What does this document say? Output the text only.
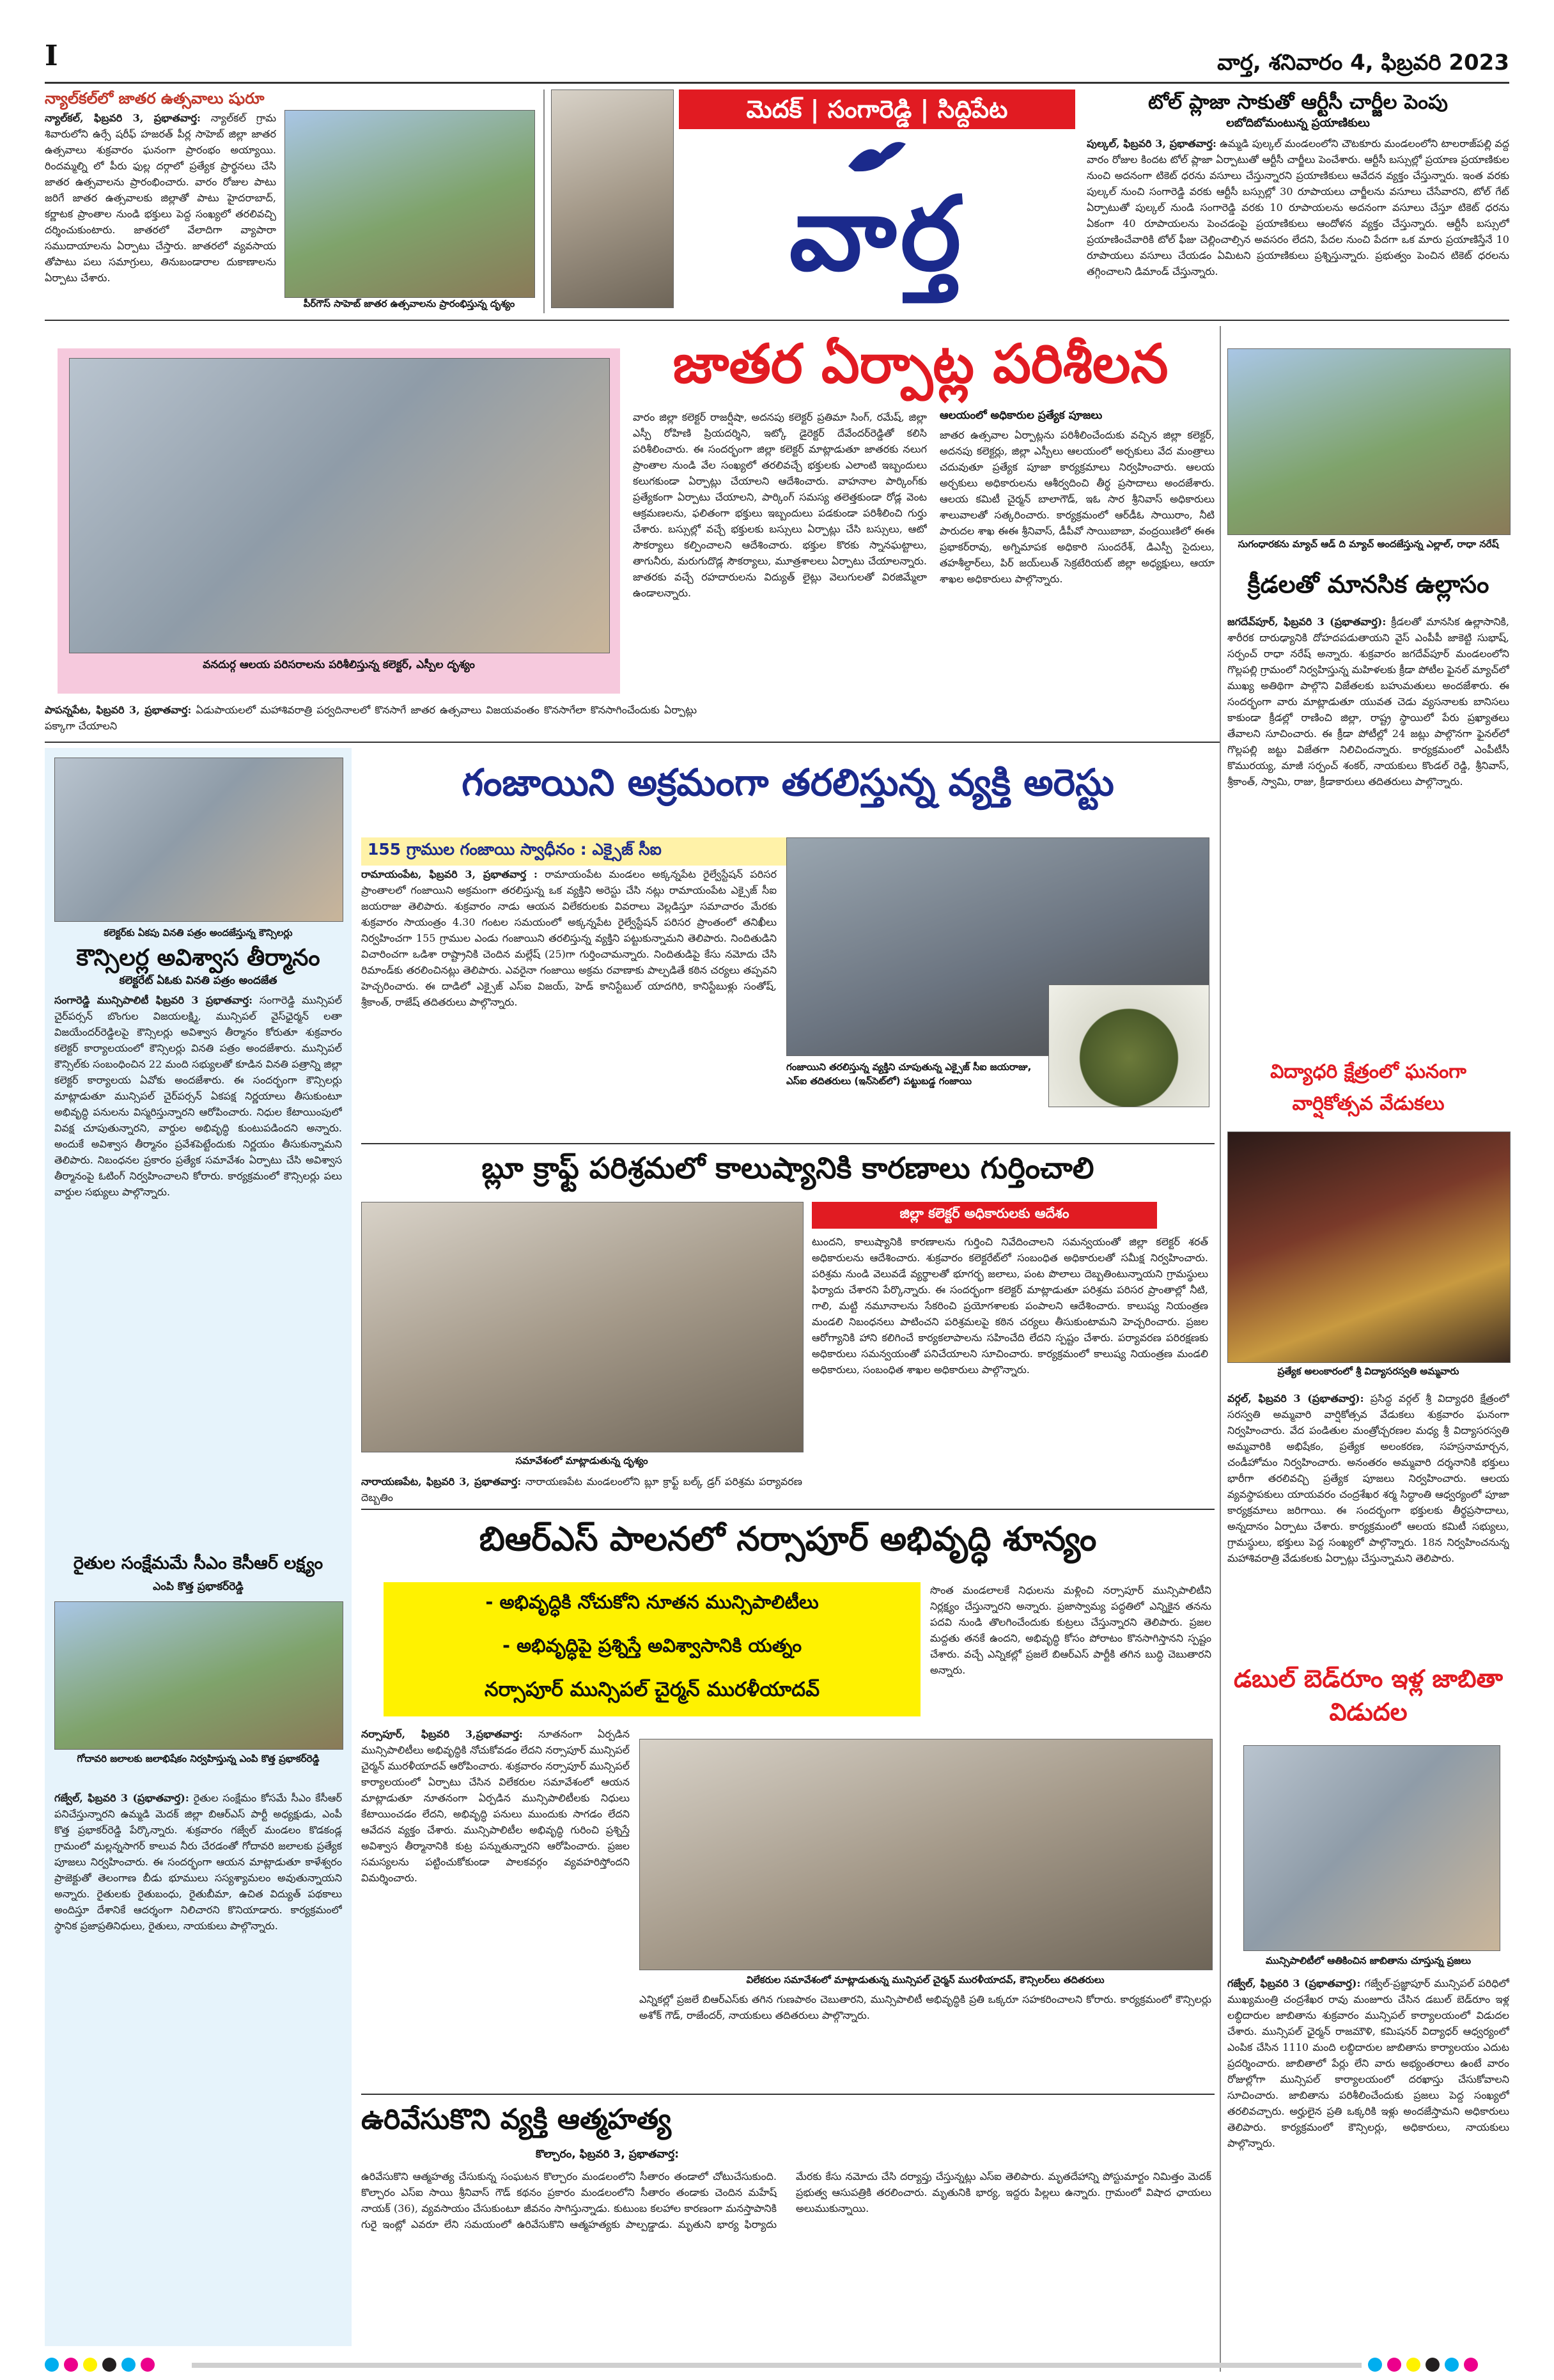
I	వార్త, శనివారం 4, ఫిబ్రవరి 2023
న్యాల్‌కల్‌లో జాతర ఉత్సవాలు షురూ
పీర్‌గౌస్ సాహెబ్ జాతర ఉత్సవాలను ప్రారంభిస్తున్న దృశ్యం
న్యాల్‌కల్, ఫిబ్రవరి 3, ప్రభాతవార్త: న్యాల్‌కల్ గ్రామ శివారులోని ఉర్సే షరీఫ్ హజరత్ పీర్ల సాహెబ్ జిల్లా జాతర ఉత్సవాలు శుక్రవారం ఘనంగా ప్రారంభం అయ్యాయి. రిందమ్మల్ని లో పీరు ఫుల్ల దర్గాలో ప్రత్యేక ప్రార్థనలు చేసి జాతర ఉత్సవాలను ప్రారంభించారు. వారం రోజుల పాటు జరిగే జాతర ఉత్సవాలకు జిల్లాతో పాటు హైదరాబాద్, కర్ణాటక ప్రాంతాల నుండి భక్తులు పెద్ద సంఖ్యలో తరలివచ్చి దర్శించుకుంటారు. జాతరలో వేలాదిగా వ్యాపారా సముదాయాలను ఏర్పాటు చేస్తారు. జాతరలో వ్యవసాయ తోపాటు పలు సమాగ్రులు, తినుబండారాల దుకాణాలను ఏర్పాటు చేశారు.
మెదక్ | సంగారెడ్డి | సిద్దిపేట
వార్త
టోల్ ప్లాజా సాకుతో ఆర్టీసీ చార్జీల పెంపు
లబోదిబోమంటున్న ప్రయాణికులు
పుల్కల్, ఫిబ్రవరి 3, ప్రభాతవార్త: ఉమ్మడి పుల్కల్ మండలంలోని చౌటకూరు మండలంలోని టాలరాజ్‌పల్లి వద్ద వారం రోజుల కిందట టోల్ ప్లాజా ఏర్పాటుతో ఆర్టీసీ చార్జీలు పెంచేశారు. ఆర్టీసీ బస్సుల్లో ప్రయాణ ప్రయాణికుల నుంచి అదనంగా టికెట్ ధరను వసూలు చేస్తున్నారని ప్రయాణికులు ఆవేదన వ్యక్తం చేస్తున్నారు. ఇంత వరకు పుల్కల్ నుంచి సంగారెడ్డి వరకు ఆర్టీసీ బస్సుల్లో 30 రూపాయలు చార్జీలను వసూలు చేసేవారని, టోల్ గేట్ ఏర్పాటుతో పుల్కల్ నుండి సంగారెడ్డి వరకు 10 రూపాయలను అదనంగా వసూలు చేస్తూ టికెట్ ధరను ఏకంగా 40 రూపాయలను పెంచడంపై ప్రయాణికులు ఆందోళన వ్యక్తం చేస్తున్నారు. ఆర్టీసీ బస్సులో ప్రయాణించేవారికి టోల్ ఫీజు చెల్లించాల్సిన అవసరం లేదని, పేదల నుంచి పేదగా ఒక మారు ప్రయాణిస్తేనే 10 రూపాయలు వసూలు చేయడం ఏమిటని ప్రయాణికులు ప్రశ్నిస్తున్నారు. ప్రభుత్వం పెంచిన టికెట్ ధరలను తగ్గించాలని డిమాండ్ చేస్తున్నారు.
వనదుర్గ ఆలయ పరిసరాలను పరిశీలిస్తున్న కలెక్టర్, ఎస్పీల దృశ్యం
జాతర ఏర్పాట్ల పరిశీలన
పాపన్నపేట, ఫిబ్రవరి 3, ప్రభాతవార్త: ఏడుపాయలలో మహాశివరాత్రి పర్వదినాలలో కొనసాగే జాతర ఉత్సవాలు విజయవంతం కొనసాగేలా కొనసాగించేందుకు ఏర్పాట్లు పక్కాగా చేయాలని
వారం జిల్లా కలెక్టర్ రాజర్షీషా, అదనపు కలెక్టర్ ప్రతిమా సింగ్, రమేష్, జిల్లా ఎస్పీ రోహిణి ప్రియదర్శిని, ఇట్కో డైరెక్టర్ దేవేందర్‌రెడ్డితో కలిసి పరిశీలించారు. ఈ సందర్భంగా జిల్లా కలెక్టర్ మాట్లాడుతూ జాతరకు నలుగ ప్రాంతాల నుండి వేల సంఖ్యలో తరలివచ్చే భక్తులకు ఎలాంటి ఇబ్బందులు కలుగకుండా ఏర్పాట్లు చేయాలని ఆదేశించారు. వాహనాల పార్కింగ్‌కు ప్రత్యేకంగా ఏర్పాటు చేయాలని, పార్కింగ్ సమస్య తలెత్తకుండా రోడ్ల వెంట ఆక్రమణలను, ఫలితంగా భక్తులు ఇబ్బందులు పడకుండా పరిశీలించి గుర్తు చేశారు. బస్సుల్లో వచ్చే భక్తులకు బస్సులు ఏర్పాట్లు చేసి బస్సులు, ఆటో సౌకర్యాలు కల్పించాలని ఆదేశించారు. భక్తుల కొరకు స్నానఘట్టాలు, తాగునీరు, మరుగుదొడ్ల సౌకర్యాలు, మూత్రశాలలు ఏర్పాటు చేయాలన్నారు. జాతరకు వచ్చే రహదారులను విద్యుత్ లైట్లు వెలుగులతో విరజిమ్మేలా ఉండాలన్నారు.
ఆలయంలో అధికారుల ప్రత్యేక పూజలు
జాతర ఉత్సవాల ఏర్పాట్లను పరిశీలించేందుకు వచ్చిన జిల్లా కలెక్టర్, అదనపు కలెక్టర్లు, జిల్లా ఎస్పీలు ఆలయంలో అర్చకులు వేద మంత్రాలు చదువుతూ ప్రత్యేక పూజా కార్యక్రమాలు నిర్వహించారు. ఆలయ అర్చకులు అధికారులను ఆశీర్వదించి తీర్థ ప్రసాదాలు అందజేశారు. ఆలయ కమిటీ చైర్మన్ బాలాగౌడ్, ఇఓ సార శ్రీనివాస్ అధికారులు శాలువాలతో సత్కరించారు. కార్యక్రమంలో ఆర్‌డీఓ సాయిరాం, నీటి పారుదల శాఖ ఈఈ శ్రీనివాస్, డీపీవో సాయిబాబా, వంద్రయిణిలో ఈఈ ప్రభాకర్‌రావు, అగ్నిమాపక అధికారి సుందరేశ్, డిఎస్పీ సైదులు, తహశీల్దార్‌లు, పిర్ జయ్‌లుత్ సెక్రటేరియట్ జిల్లా అధ్యక్షులు, ఆయా శాఖల అధికారులు పాల్గొన్నారు.
సుగంధారకను మ్యాచ్ ఆడ్ ది మ్యాచ్ అందజేస్తున్న ఎల్లాల్, రాధా నరేష్
క్రీడలతో మానసిక ఉల్లాసం
జగదేవ్‌పూర్, ఫిబ్రవరి 3 (ప్రభాతవార్త): క్రీడలతో మానసిక ఉల్లాసానికి, శారీరక దారుఢ్యానికి దోహదపడుతాయని వైస్ ఎంపీపీ జాకెట్టి సుభాష్, సర్పంచ్ రాధా నరేష్ అన్నారు. శుక్రవారం జగదేవ్‌పూర్ మండలంలోని గొల్లపల్లి గ్రామంలో నిర్వహిస్తున్న మహిళలకు క్రీడా పోటీల ఫైనల్ మ్యాచ్‌లో ముఖ్య అతిథిగా పాల్గొని విజేతలకు బహుమతులు అందజేశారు. ఈ సందర్భంగా వారు మాట్లాడుతూ యువత చెడు వ్యసనాలకు బానిసలు కాకుండా క్రీడల్లో రాణించి జిల్లా, రాష్ట్ర స్థాయిలో పేరు ప్రఖ్యాతలు తేవాలని సూచించారు. ఈ క్రీడా పోటీల్లో 24 జట్లు పాల్గొనగా ఫైనల్‌లో గొల్లపల్లి జట్టు విజేతగా నిలిచిందన్నారు. కార్యక్రమంలో ఎంపీటీసీ కొమురయ్య, మాజీ సర్పంచ్ శంకర్, నాయకులు కొండల్ రెడ్డి, శ్రీనివాస్, శ్రీకాంత్, స్వామి, రాజు, క్రీడాకారులు తదితరులు పాల్గొన్నారు.
విద్యాధరి క్షేత్రంలో ఘనంగా వార్షికోత్సవ వేడుకలు
ప్రత్యేక అలంకారంలో శ్రీ విద్యాసరస్వతి అమ్మవారు
వర్గల్, ఫిబ్రవరి 3 (ప్రభాతవార్త): ప్రసిద్ధ వర్గల్ శ్రీ విద్యాధరి క్షేత్రంలో సరస్వతి అమ్మవారి వార్షికోత్సవ వేడుకలు శుక్రవారం ఘనంగా నిర్వహించారు. వేద పండితుల మంత్రోచ్చరణల మధ్య శ్రీ విద్యాసరస్వతి అమ్మవారికి అభిషేకం, ప్రత్యేక అలంకరణ, సహస్రనామార్చన, చండీహోమం నిర్వహించారు. అనంతరం అమ్మవారి దర్శనానికి భక్తులు భారీగా తరలివచ్చి ప్రత్యేక పూజలు నిర్వహించారు. ఆలయ వ్యవస్థాపకులు యాయవరం చంద్రశేఖర శర్మ సిద్ధాంతి ఆధ్వర్యంలో పూజా కార్యక్రమాలు జరిగాయి. ఈ సందర్భంగా భక్తులకు తీర్థప్రసాదాలు, అన్నదానం ఏర్పాటు చేశారు. కార్యక్రమంలో ఆలయ కమిటీ సభ్యులు, గ్రామస్థులు, భక్తులు పెద్ద సంఖ్యలో పాల్గొన్నారు. 18న నిర్వహించనున్న మహాశివరాత్రి వేడుకలకు ఏర్పాట్లు చేస్తున్నామని తెలిపారు.
డబుల్ బెడ్‌రూం ఇళ్ల జాబితా విడుదల
మున్సిపాలిటీలో ఆతికించిన జాబితాను చూస్తున్న ప్రజలు
గజ్వేల్, ఫిబ్రవరి 3 (ప్రభాతవార్త): గజ్వేల్-ప్రజ్ఞాపూర్ మున్సిపల్ పరిధిలో ముఖ్యమంత్రి చంద్రశేఖర రావు మంజూరు చేసిన డబుల్ బెడ్‌రూం ఇళ్ల లబ్ధిదారుల జాబితాను శుక్రవారం మున్సిపల్ కార్యాలయంలో విడుదల చేశారు. మున్సిపల్ ఛైర్మన్ రాజమౌళి, కమిషనర్ విద్యాధర్ ఆధ్వర్యంలో ఎంపిక చేసిన 1110 మంది లబ్ధిదారుల జాబితాను కార్యాలయం ఎదుట ప్రదర్శించారు. జాబితాలో పేర్లు లేని వారు అభ్యంతరాలు ఉంటే వారం రోజుల్లోగా మున్సిపల్ కార్యాలయంలో దరఖాస్తు చేసుకోవాలని సూచించారు. జాబితాను పరిశీలించేందుకు ప్రజలు పెద్ద సంఖ్యలో తరలివచ్చారు. అర్హులైన ప్రతి ఒక్కరికి ఇళ్లు అందజేస్తామని అధికారులు తెలిపారు. కార్యక్రమంలో కౌన్సిలర్లు, అధికారులు, నాయకులు పాల్గొన్నారు.
కలెక్టర్‌కు ఏకపు వినతి పత్రం అందజేస్తున్న కౌన్సిలర్లు
కౌన్సిలర్ల అవిశ్వాస తీర్మానం
కలెక్టరేట్ ఏఓకు వినతి పత్రం అందజేత
సంగారెడ్డి మున్సిపాలిటీ ఫిబ్రవరి 3 ప్రభాతవార్త: సంగారెడ్డి మున్సిపల్ చైర్‌పర్సన్ బొంగుల విజయలక్ష్మి, మున్సిపల్ వైస్‌ఛైర్మన్ లతా విజయేందర్‌రెడ్డిలపై కౌన్సిలర్లు అవిశ్వాస తీర్మానం కోరుతూ శుక్రవారం కలెక్టర్ కార్యాలయంలో కౌన్సిలర్లు వినతి పత్రం అందజేశారు. మున్సిపల్ కౌన్సిల్‌కు సంబంధించిన 22 మంది సభ్యులతో కూడిన వినతి పత్రాన్ని జిల్లా కలెక్టర్ కార్యాలయ ఏవోకు అందజేశారు. ఈ సందర్భంగా కౌన్సిలర్లు మాట్లాడుతూ మున్సిపల్ చైర్‌పర్సన్ ఏకపక్ష నిర్ణయాలు తీసుకుంటూ అభివృద్ధి పనులను విస్మరిస్తున్నారని ఆరోపించారు. నిధుల కేటాయింపులో వివక్ష చూపుతున్నారని, వార్డుల అభివృద్ధి కుంటుపడిందని అన్నారు. అందుకే అవిశ్వాస తీర్మానం ప్రవేశపెట్టేందుకు నిర్ణయం తీసుకున్నామని తెలిపారు. నిబంధనల ప్రకారం ప్రత్యేక సమావేశం ఏర్పాటు చేసి అవిశ్వాస తీర్మానంపై ఓటింగ్ నిర్వహించాలని కోరారు. కార్యక్రమంలో కౌన్సిలర్లు పలు వార్డుల సభ్యులు పాల్గొన్నారు.
రైతుల సంక్షేమమే సీఎం కెసీఆర్ లక్ష్యం
ఎంపి కొత్త ప్రభాకర్‌రెడ్డి
గోదావరి జలాలకు జలాభిషేకం నిర్వహిస్తున్న ఎంపి కొత్త ప్రభాకర్‌రెడ్డి
గజ్వేల్, ఫిబ్రవరి 3 (ప్రభాతవార్త): రైతుల సంక్షేమం కోసమే సీఎం కేసీఆర్ పనిచేస్తున్నారని ఉమ్మడి మెదక్ జిల్లా బిఆర్ఎస్ పార్టీ అధ్యక్షుడు, ఎంపీ కొత్త ప్రభాకర్‌రెడ్డి పేర్కొన్నారు. శుక్రవారం గజ్వేల్ మండలం కొడకండ్ల గ్రామంలో మల్లన్నసాగర్ కాలువ నీరు చేరడంతో గోదావరి జలాలకు ప్రత్యేక పూజలు నిర్వహించారు. ఈ సందర్భంగా ఆయన మాట్లాడుతూ కాళేశ్వరం ప్రాజెక్టుతో తెలంగాణ బీడు భూములు సస్యశ్యామలం అవుతున్నాయని అన్నారు. రైతులకు రైతుబంధు, రైతుబీమా, ఉచిత విద్యుత్ పథకాలు అందిస్తూ దేశానికే ఆదర్శంగా నిలిచారని కొనియాడారు. కార్యక్రమంలో స్థానిక ప్రజాప్రతినిధులు, రైతులు, నాయకులు పాల్గొన్నారు.
గంజాయిని అక్రమంగా తరలిస్తున్న వ్యక్తి అరెస్టు
155 గ్రాముల గంజాయి స్వాధీనం : ఎక్సైజ్ సీఐ
రామాయంపేట, ఫిబ్రవరి 3, ప్రభాతవార్త : రామాయంపేట మండలం అక్కన్నపేట రైల్వేస్టేషన్ పరిసర ప్రాంతాలలో గంజాయిని అక్రమంగా తరలిస్తున్న ఒక వ్యక్తిని అరెస్టు చేసి నట్లు రామాయంపేట ఎక్సైజ్ సీఐ జయరాజు తెలిపారు. శుక్రవారం నాడు ఆయన విలేకరులకు వివరాలు వెల్లడిస్తూ సమాచారం మేరకు శుక్రవారం సాయంత్రం 4.30 గంటల సమయంలో అక్కన్నపేట రైల్వేస్టేషన్ పరిసర ప్రాంతంలో తనిఖీలు నిర్వహించగా 155 గ్రాముల ఎండు గంజాయిని తరలిస్తున్న వ్యక్తిని పట్టుకున్నామని తెలిపారు. నిందితుడిని విచారించగా ఒడిశా రాష్ట్రానికి చెందిన మల్లేష్ (25)గా గుర్తించామన్నారు. నిందితుడిపై కేసు నమోదు చేసి రిమాండ్‌కు తరలించినట్లు తెలిపారు. ఎవరైనా గంజాయి అక్రమ రవాణాకు పాల్పడితే కఠిన చర్యలు తప్పవని హెచ్చరించారు. ఈ దాడిలో ఎక్సైజ్ ఎస్ఐ విజయ్, హెడ్ కానిస్టేబుల్ యాదగిరి, కానిస్టేబుళ్లు సంతోష్, శ్రీకాంత్, రాజేష్ తదితరులు పాల్గొన్నారు.
గంజాయిని తరలిస్తున్న వ్యక్తిని చూపుతున్న ఎక్సైజ్ సీఐ జయరాజు, ఎస్ఐ తదితరులు (ఇన్‌సెట్‌లో) పట్టుబడ్డ గంజాయి
బ్లూ క్రాఫ్ట్ పరిశ్రమలో కాలుష్యానికి కారణాలు గుర్తించాలి
సమావేశంలో మాట్లాడుతున్న దృశ్యం
జిల్లా కలెక్టర్ అధికారులకు ఆదేశం
టుందని, కాలుష్యానికి కారణాలను గుర్తించి నివేదించాలని సమన్వయంతో జిల్లా కలెక్టర్ శరత్ అధికారులను ఆదేశించారు. శుక్రవారం కలెక్టరేట్‌లో సంబంధిత అధికారులతో సమీక్ష నిర్వహించారు. పరిశ్రమ నుండి వెలువడే వ్యర్థాలతో భూగర్భ జలాలు, పంట పొలాలు దెబ్బతింటున్నాయని గ్రామస్థులు ఫిర్యాదు చేశారని పేర్కొన్నారు. ఈ సందర్భంగా కలెక్టర్ మాట్లాడుతూ పరిశ్రమ పరిసర ప్రాంతాల్లో నీటి, గాలి, మట్టి నమూనాలను సేకరించి ప్రయోగశాలకు పంపాలని ఆదేశించారు. కాలుష్య నియంత్రణ మండలి నిబంధనలు పాటించని పరిశ్రమలపై కఠిన చర్యలు తీసుకుంటామని హెచ్చరించారు. ప్రజల ఆరోగ్యానికి హాని కలిగించే కార్యకలాపాలను సహించేది లేదని స్పష్టం చేశారు. పర్యావరణ పరిరక్షణకు అధికారులు సమన్వయంతో పనిచేయాలని సూచించారు. కార్యక్రమంలో కాలుష్య నియంత్రణ మండలి అధికారులు, సంబంధిత శాఖల అధికారులు పాల్గొన్నారు.
నారాయణపేట, ఫిబ్రవరి 3, ప్రభాతవార్త: నారాయణపేట మండలంలోని బ్లూ క్రాఫ్ట్ బల్క్ డ్రగ్ పరిశ్రమ పర్యావరణ దెబ్బతిం
బిఆర్ఎస్ పాలనలో నర్సాపూర్ అభివృద్ధి శూన్యం
- అభివృద్ధికి నోచుకోని నూతన మున్సిపాలిటీలు
- అభివృద్ధిపై ప్రశ్నిస్తే అవిశ్వాసానికి యత్నం
నర్సాపూర్ మున్సిపల్ చైర్మన్ మురళీయాదవ్
సొంత మండలాలకే నిధులను మళ్లించి నర్సాపూర్ మున్సిపాలిటీని నిర్లక్ష్యం చేస్తున్నారని అన్నారు. ప్రజాస్వామ్య పద్ధతిలో ఎన్నికైన తనను పదవి నుండి తొలగించేందుకు కుట్రలు చేస్తున్నారని తెలిపారు. ప్రజల మద్దతు తనకే ఉందని, అభివృద్ధి కోసం పోరాటం కొనసాగిస్తానని స్పష్టం చేశారు. వచ్చే ఎన్నికల్లో ప్రజలే బిఆర్ఎస్ పార్టీకి తగిన బుద్ధి చెబుతారని అన్నారు.
నర్సాపూర్, ఫిబ్రవరి 3,ప్రభాతవార్త: నూతనంగా ఏర్పడిన మున్సిపాలిటీలు అభివృద్ధికి నోచుకోవడం లేదని నర్సాపూర్ మున్సిపల్ చైర్మన్ మురళీయాదవ్ ఆరోపించారు. శుక్రవారం నర్సాపూర్ మున్సిపల్ కార్యాలయంలో ఏర్పాటు చేసిన విలేకరుల సమావేశంలో ఆయన మాట్లాడుతూ నూతనంగా ఏర్పడిన మున్సిపాలిటీలకు నిధులు కేటాయించడం లేదని, అభివృద్ధి పనులు ముందుకు సాగడం లేదని ఆవేదన వ్యక్తం చేశారు. మున్సిపాలిటీల అభివృద్ధి గురించి ప్రశ్నిస్తే అవిశ్వాస తీర్మానానికి కుట్ర పన్నుతున్నారని ఆరోపించారు. ప్రజల సమస్యలను పట్టించుకోకుండా పాలకవర్గం వ్యవహరిస్తోందని విమర్శించారు.
విలేకరుల సమావేశంలో మాట్లాడుతున్న మున్సిపల్ చైర్మన్ మురళీయాదవ్, కౌన్సిలర్‌లు తదితరులు
ఎన్నికల్లో ప్రజలే బిఆర్ఎస్‌కు తగిన గుణపాఠం చెబుతారని, మున్సిపాలిటీ అభివృద్ధికి ప్రతి ఒక్కరూ సహకరించాలని కోరారు. కార్యక్రమంలో కౌన్సిలర్లు అశోక్ గౌడ్, రాజేందర్, నాయకులు తదితరులు పాల్గొన్నారు.
ఉరివేసుకొని వ్యక్తి ఆత్మహత్య
కొల్చారం, ఫిబ్రవరి 3, ప్రభాతవార్త:
ఉరివేసుకొని ఆత్మహత్య చేసుకున్న సంఘటన కొల్చారం మండలంలోని సీతారం తండాలో చోటుచేసుకుంది. కొల్చారం ఎస్ఐ సాయి శ్రీనివాస్ గౌడ్ కథనం ప్రకారం మండలంలోని సీతారం తండాకు చెందిన మహేష్ నాయక్ (36), వ్యవసాయం చేసుకుంటూ జీవనం సాగిస్తున్నాడు. కుటుంబ కలహాల కారణంగా మనస్తాపానికి గురై ఇంట్లో ఎవరూ లేని సమయంలో ఉరివేసుకొని ఆత్మహత్యకు పాల్పడ్డాడు. మృతుని భార్య ఫిర్యాదు మేరకు కేసు నమోదు చేసి దర్యాప్తు చేస్తున్నట్లు ఎస్ఐ తెలిపారు. మృతదేహాన్ని పోస్టుమార్టం నిమిత్తం మెదక్ ప్రభుత్వ ఆసుపత్రికి తరలించారు. మృతునికి భార్య, ఇద్దరు పిల్లలు ఉన్నారు. గ్రామంలో విషాద ఛాయలు అలుముకున్నాయి.
